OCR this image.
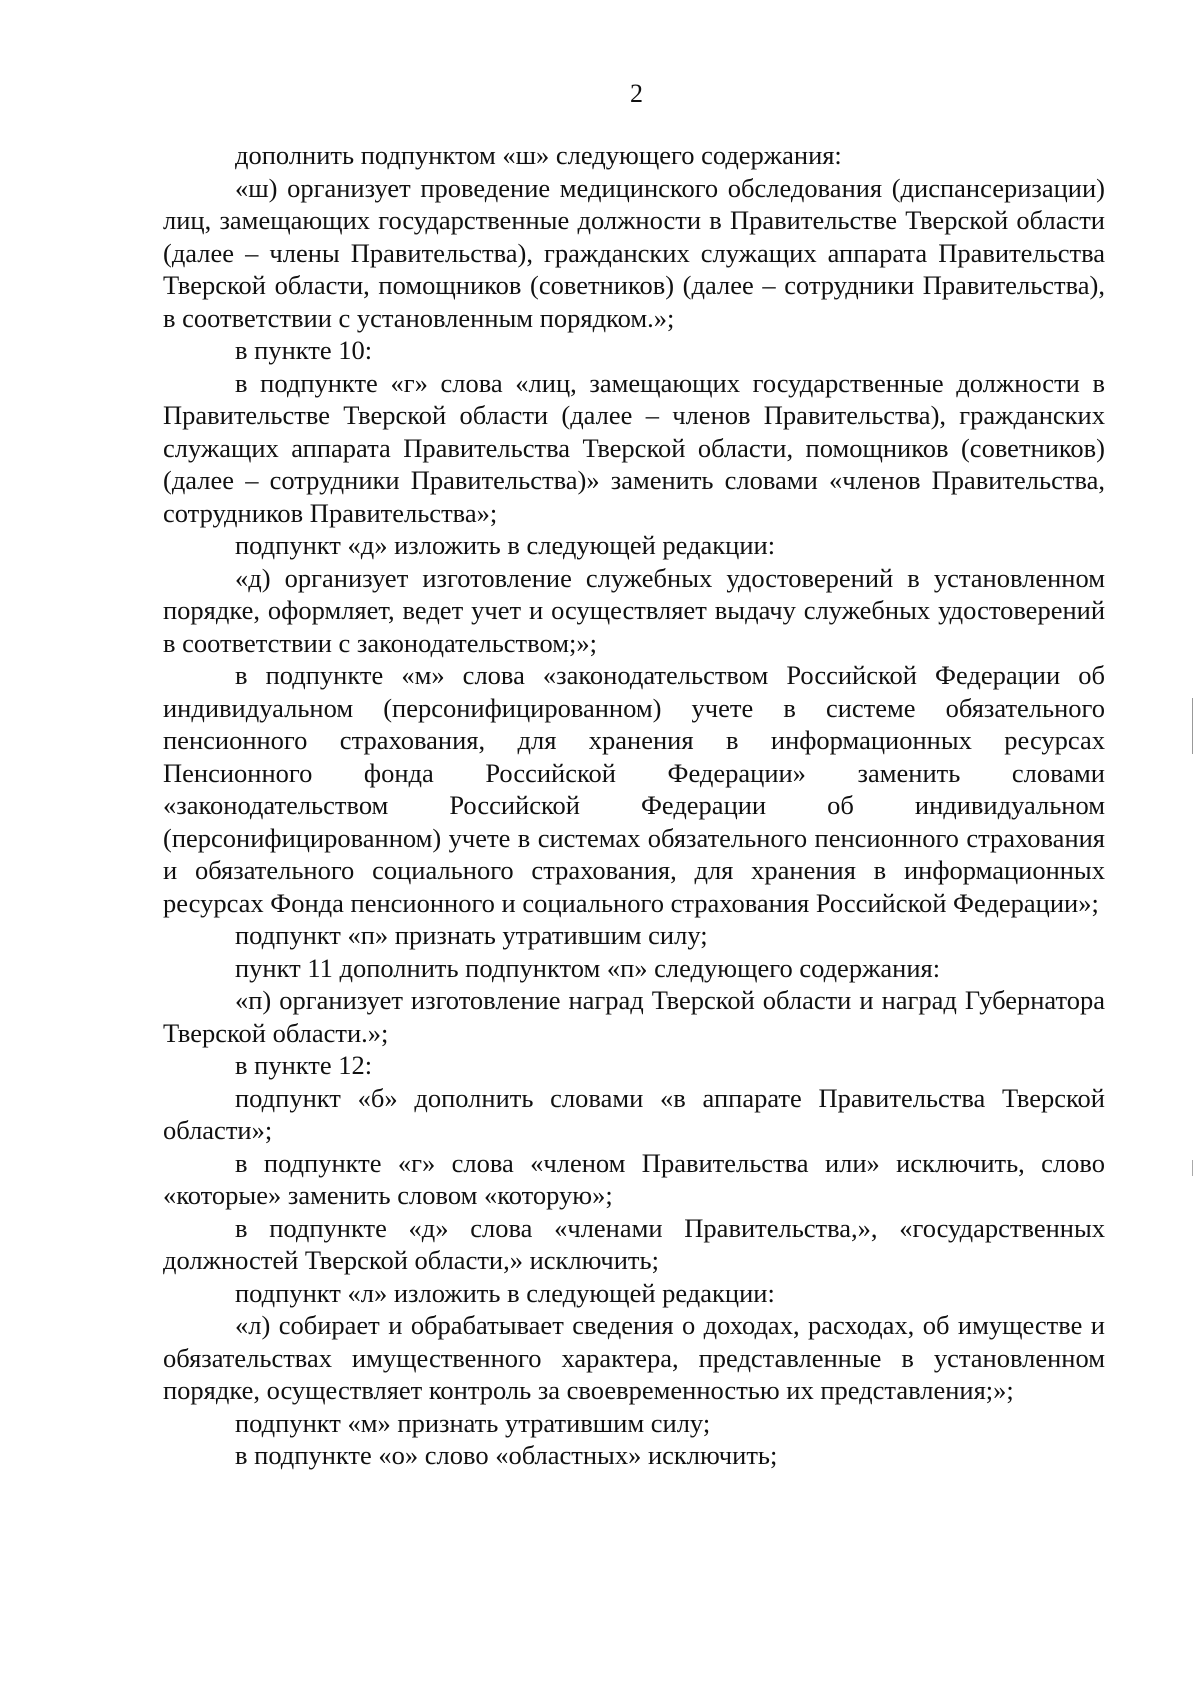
2

дополнить подпунктом «ш» следующего содержания:

«ш) организует проведение медицинского обследования (диспансеризации) лиц, замещающих государственные должности в Правительстве Тверской области (далее – члены Правительства), гражданских служащих аппарата Правительства Тверской области, помощников (советников) (далее – сотрудники Правительства), в соответствии с установленным порядком.»;

в пункте 10:

в подпункте «г» слова «лиц, замещающих государственные должности в Правительстве Тверской области (далее – членов Правительства), гражданских служащих аппарата Правительства Тверской области, помощников (советников) (далее – сотрудники Правительства)» заменить словами «членов Правительства, сотрудников Правительства»;

подпункт «д» изложить в следующей редакции:

«д) организует изготовление служебных удостоверений в установленном порядке, оформляет, ведет учет и осуществляет выдачу служебных удостоверений в соответствии с законодательством;»;

в подпункте «м» слова «законодательством Российской Федерации об индивидуальном (персонифицированном) учете в системе обязательного пенсионного страхования, для хранения в информационных ресурсах Пенсионного фонда Российской Федерации» заменить словами «законодательством Российской Федерации об индивидуальном (персонифицированном) учете в системах обязательного пенсионного страхования и обязательного социального страхования, для хранения в информационных ресурсах Фонда пенсионного и социального страхования Российской Федерации»;

подпункт «п» признать утратившим силу;

пункт 11 дополнить подпунктом «п» следующего содержания:

«п) организует изготовление наград Тверской области и наград Губернатора Тверской области.»;

в пункте 12:

подпункт «б» дополнить словами «в аппарате Правительства Тверской области»;

в подпункте «г» слова «членом Правительства или» исключить, слово «которые» заменить словом «которую»;

в подпункте «д» слова «членами Правительства,», «государственных должностей Тверской области,» исключить;

подпункт «л» изложить в следующей редакции:

«л) собирает и обрабатывает сведения о доходах, расходах, об имуществе и обязательствах имущественного характера, представленные в установленном порядке, осуществляет контроль за своевременностью их представления;»;

подпункт «м» признать утратившим силу;

в подпункте «о» слово «областных» исключить;
